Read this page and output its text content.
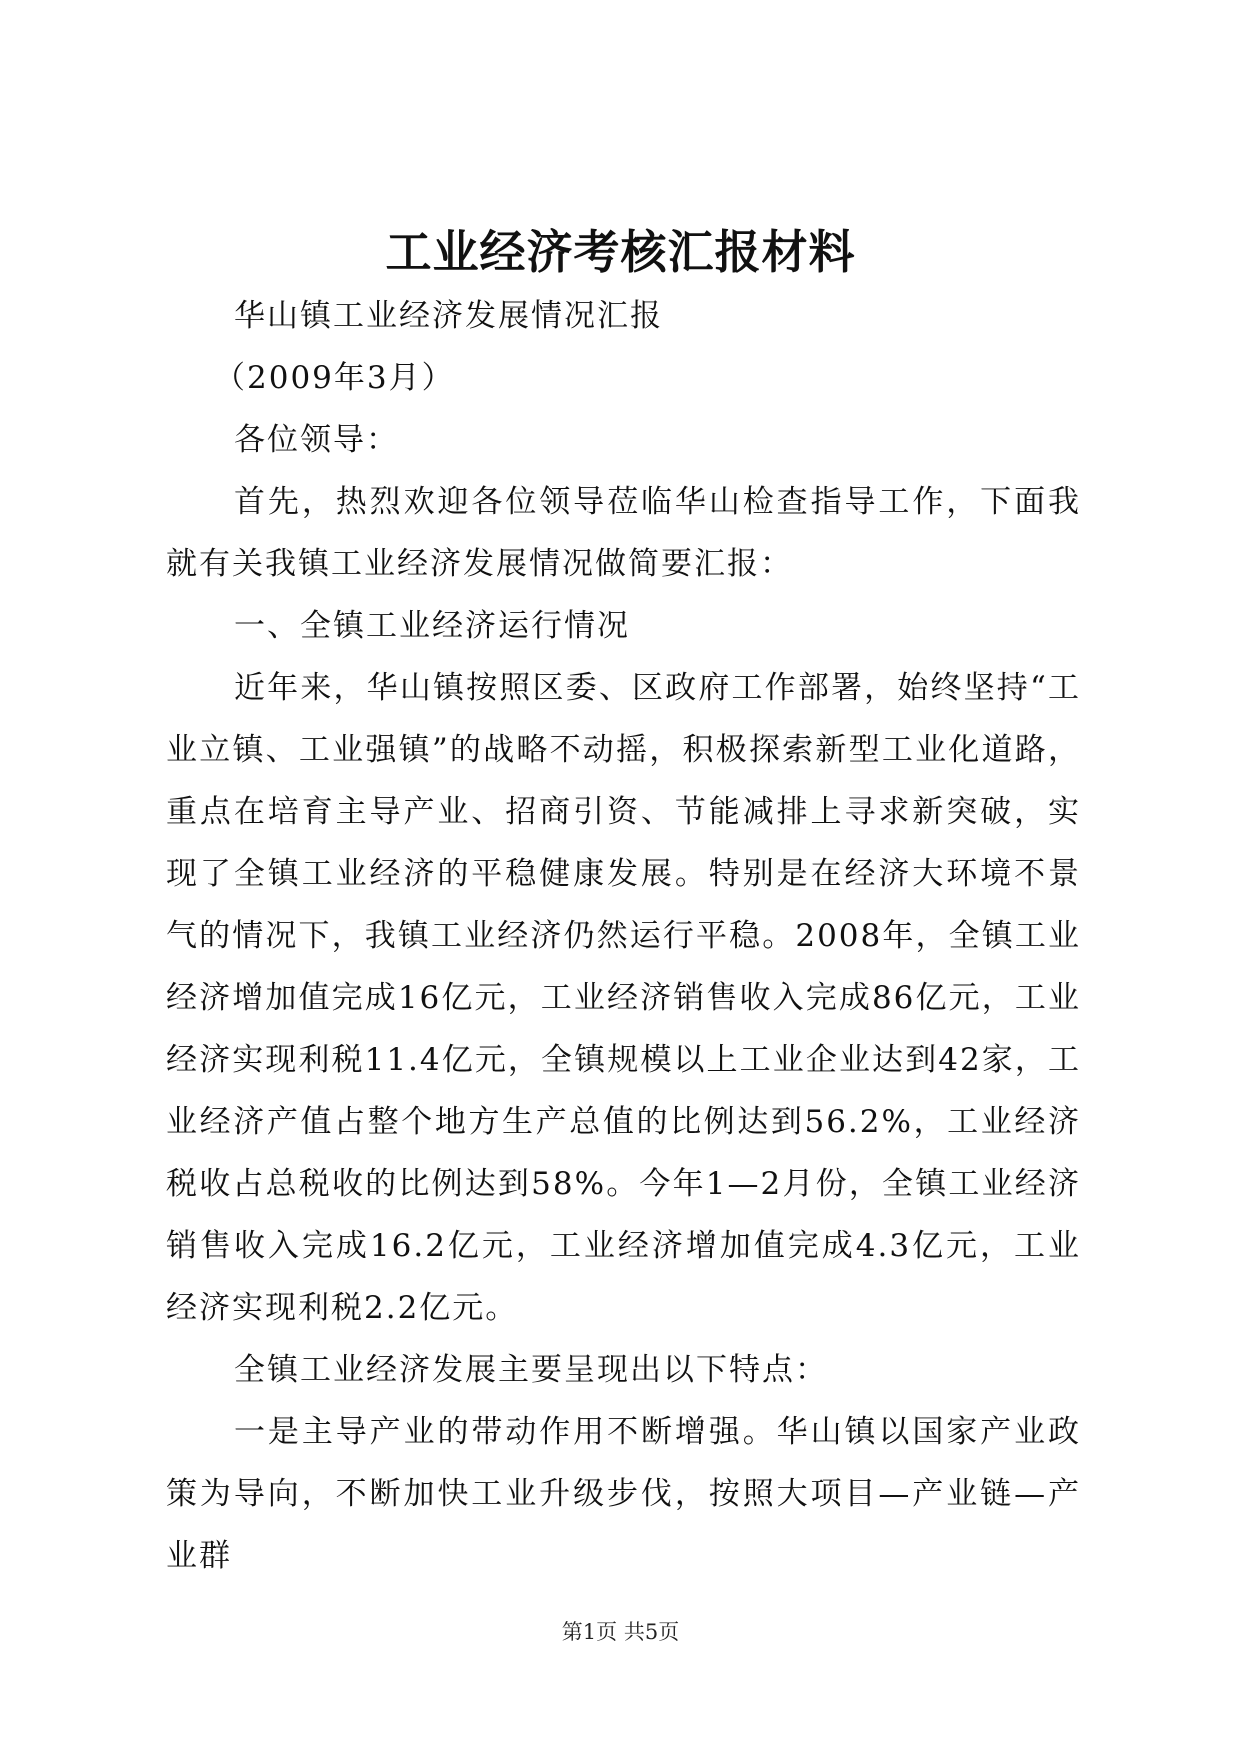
工业经济考核汇报材料

华山镇工业经济发展情况汇报

（2009年3月）

各位领导：

首先，热烈欢迎各位领导莅临华山检查指导工作，下面我就有关我镇工业经济发展情况做简要汇报：

一、全镇工业经济运行情况

近年来，华山镇按照区委、区政府工作部署，始终坚持“工业立镇、工业强镇”的战略不动摇，积极探索新型工业化道路，重点在培育主导产业、招商引资、节能减排上寻求新突破，实现了全镇工业经济的平稳健康发展。特别是在经济大环境不景气的情况下，我镇工业经济仍然运行平稳。2008年，全镇工业经济增加值完成16亿元，工业经济销售收入完成86亿元，工业经济实现利税11.4亿元，全镇规模以上工业企业达到42家，工业经济产值占整个地方生产总值的比例达到56.2%，工业经济税收占总税收的比例达到58%。今年1—2月份，全镇工业经济销售收入完成16.2亿元，工业经济增加值完成4.3亿元，工业经济实现利税2.2亿元。

全镇工业经济发展主要呈现出以下特点：

一是主导产业的带动作用不断增强。华山镇以国家产业政策为导向，不断加快工业升级步伐，按照大项目—产业链—产业群

第1页 共5页
